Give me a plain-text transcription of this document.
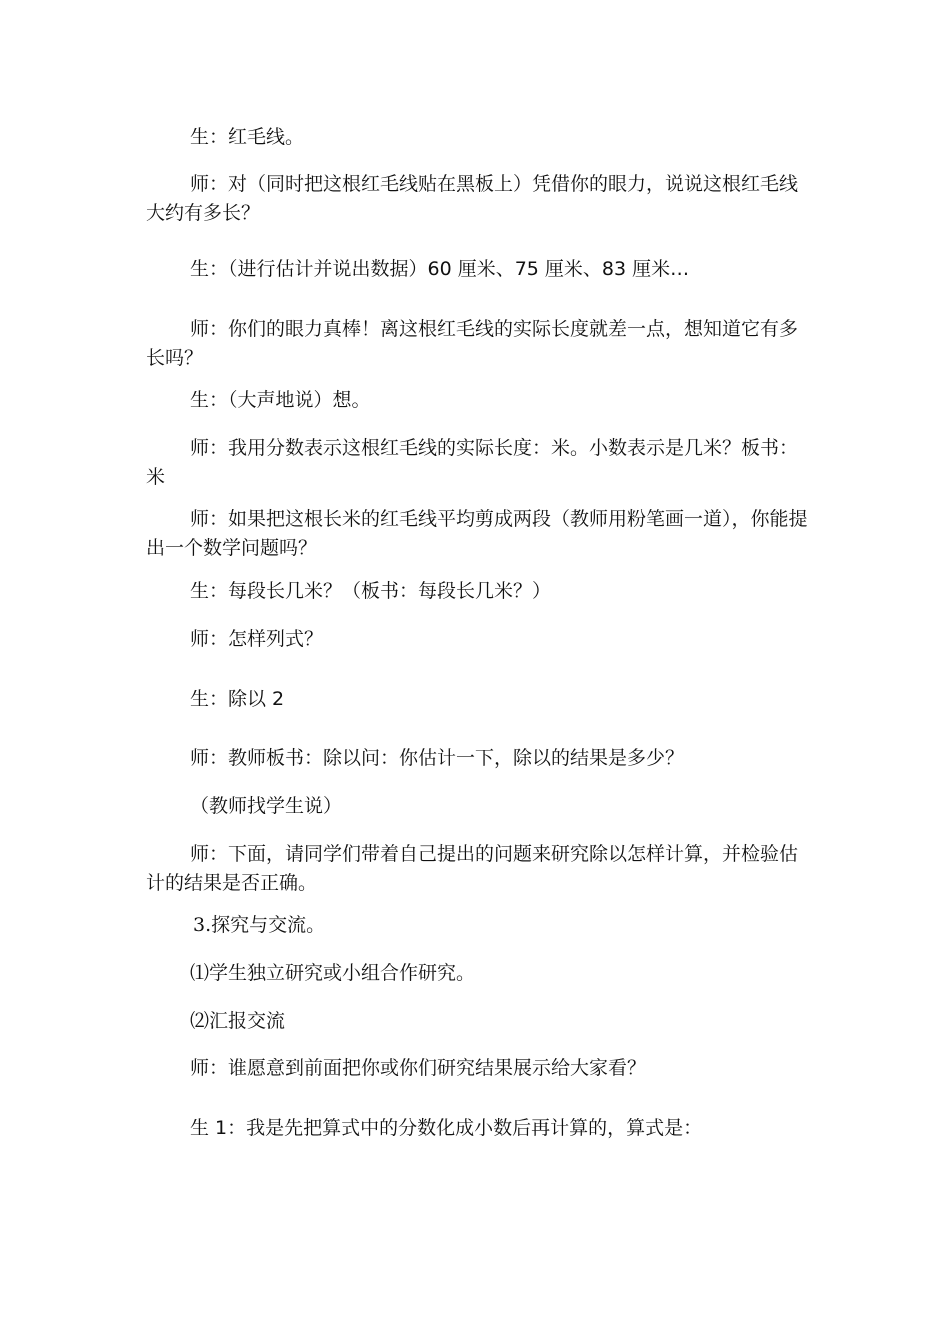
生：红毛线。

师：对（同时把这根红毛线贴在黑板上）凭借你的眼力，说说这根红毛线大约有多长？

生：（进行估计并说出数据）60 厘米、75 厘米、83 厘米…

师：你们的眼力真棒！离这根红毛线的实际长度就差一点，想知道它有多长吗？

生：（大声地说）想。

师：我用分数表示这根红毛线的实际长度：米。小数表示是几米？板书：米

师：如果把这根长米的红毛线平均剪成两段（教师用粉笔画一道），你能提出一个数学问题吗？

生：每段长几米？（板书：每段长几米？）

师：怎样列式？

生：除以 2

师：教师板书：除以问：你估计一下，除以的结果是多少？

（教师找学生说）

师：下面，请同学们带着自己提出的问题来研究除以怎样计算，并检验估计的结果是否正确。

3.探究与交流。

⑴学生独立研究或小组合作研究。

⑵汇报交流

师：谁愿意到前面把你或你们研究结果展示给大家看？

生 1：我是先把算式中的分数化成小数后再计算的，算式是：
